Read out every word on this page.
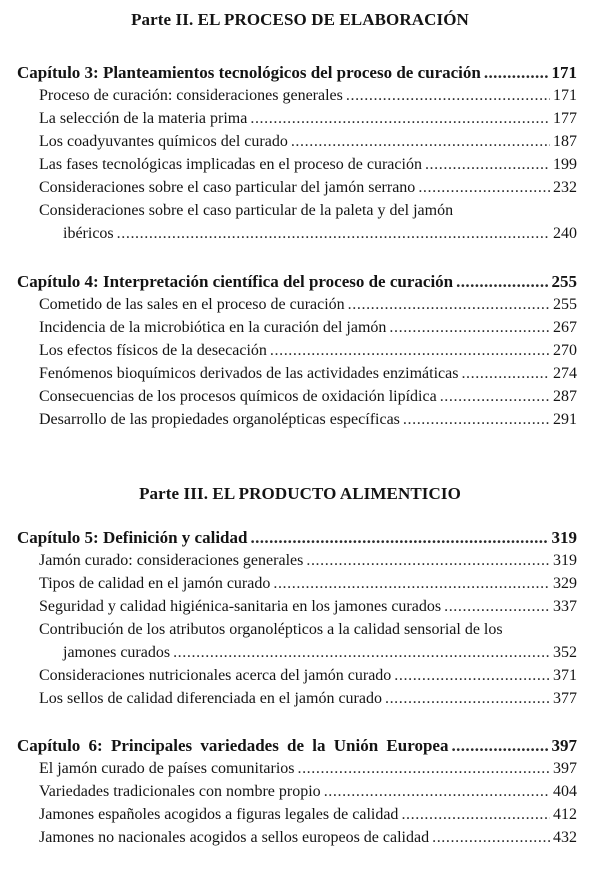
Parte II. EL PROCESO DE ELABORACIÓN
Capítulo 3: Planteamientos tecnológicos del proceso de curación .....	171
Proceso de curación: consideraciones generales .....	171
La selección de la materia prima .....	177
Los coadyuvantes químicos del curado .....	187
Las fases tecnológicas implicadas en el proceso de curación .....	199
Consideraciones sobre el caso particular del jamón serrano .....	232
Consideraciones sobre el caso particular de la paleta y del jamón
ibéricos .....	240
Capítulo 4: Interpretación científica del proceso de curación .....	255
Cometido de las sales en el proceso de curación .....	255
Incidencia de la microbiótica en la curación del jamón .....	267
Los efectos físicos de la desecación .....	270
Fenómenos bioquímicos derivados de las actividades enzimáticas .....	274
Consecuencias de los procesos químicos de oxidación lipídica .....	287
Desarrollo de las propiedades organolépticas específicas .....	291
Parte III. EL PRODUCTO ALIMENTICIO
Capítulo 5: Definición y calidad .....	319
Jamón curado: consideraciones generales .....	319
Tipos de calidad en el jamón curado .....	329
Seguridad y calidad higiénica-sanitaria en los jamones curados .....	337
Contribución de los atributos organolépticos a la calidad sensorial de los
jamones curados .....	352
Consideraciones nutricionales acerca del jamón curado .....	371
Los sellos de calidad diferenciada en el jamón curado .....	377
Capítulo 6: Principales variedades de la Unión Europea .....	397
El jamón curado de países comunitarios .....	397
Variedades tradicionales con nombre propio .....	404
Jamones españoles acogidos a figuras legales de calidad .....	412
Jamones no nacionales acogidos a sellos europeos de calidad .....	432
